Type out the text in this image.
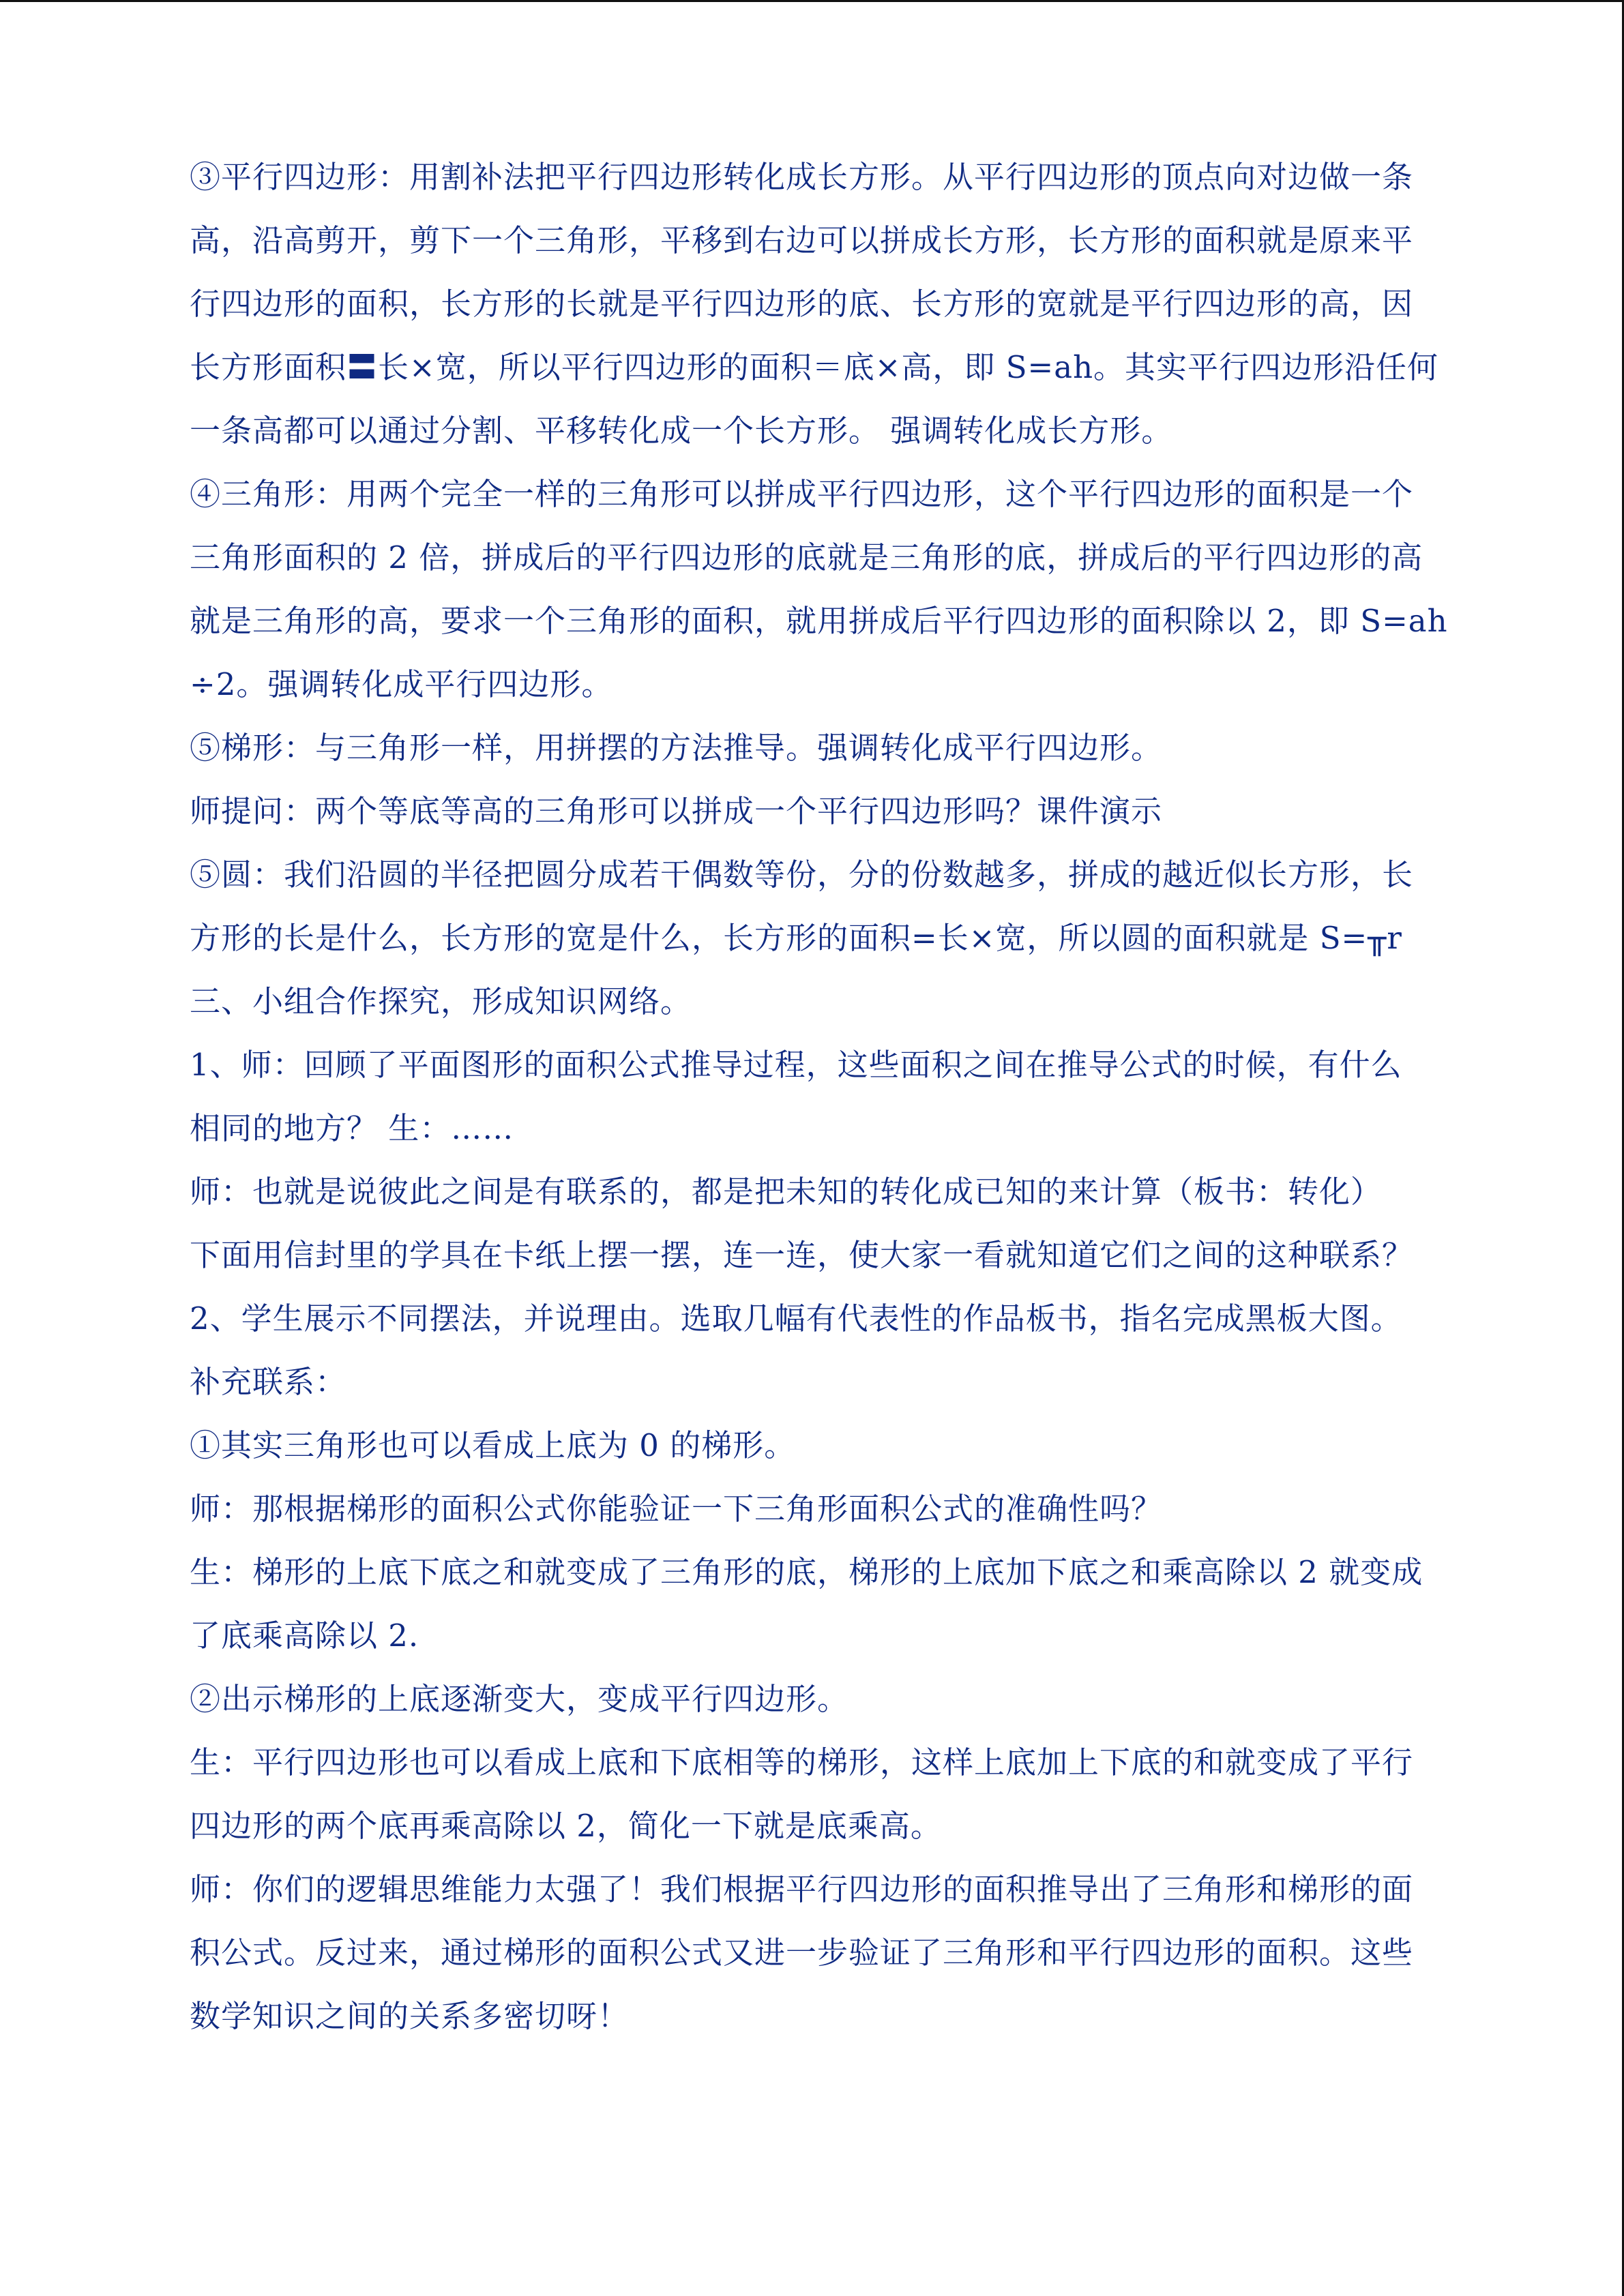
③平行四边形：用割补法把平行四边形转化成长方形。从平行四边形的顶点向对边做一条
高，沿高剪开，剪下一个三角形，平移到右边可以拼成长方形，长方形的面积就是原来平
行四边形的面积，长方形的长就是平行四边形的底、长方形的宽就是平行四边形的高，因
长方形面积〓长×宽，所以平行四边形的面积＝底×高，即 S=ah。其实平行四边形沿任何
一条高都可以通过分割、平移转化成一个长方形。 强调转化成长方形。
④三角形：用两个完全一样的三角形可以拼成平行四边形，这个平行四边形的面积是一个
三角形面积的 2 倍，拼成后的平行四边形的底就是三角形的底，拼成后的平行四边形的高
就是三角形的高，要求一个三角形的面积，就用拼成后平行四边形的面积除以 2，即 S=ah
÷2。强调转化成平行四边形。
⑤梯形：与三角形一样，用拼摆的方法推导。强调转化成平行四边形。
师提问：两个等底等高的三角形可以拼成一个平行四边形吗？课件演示
⑤圆：我们沿圆的半径把圆分成若干偶数等份，分的份数越多，拼成的越近似长方形，长
方形的长是什么，长方形的宽是什么，长方形的面积=长×宽，所以圆的面积就是 S=╥r
三、小组合作探究，形成知识网络。
1、师：回顾了平面图形的面积公式推导过程，这些面积之间在推导公式的时候，有什么
相同的地方？ 生：……
师：也就是说彼此之间是有联系的，都是把未知的转化成已知的来计算（板书：转化）
下面用信封里的学具在卡纸上摆一摆，连一连，使大家一看就知道它们之间的这种联系？
2、学生展示不同摆法，并说理由。选取几幅有代表性的作品板书，指名完成黑板大图。
补充联系：
①其实三角形也可以看成上底为 0 的梯形。
师：那根据梯形的面积公式你能验证一下三角形面积公式的准确性吗？
生：梯形的上底下底之和就变成了三角形的底，梯形的上底加下底之和乘高除以 2 就变成
了底乘高除以 2.
②出示梯形的上底逐渐变大，变成平行四边形。
生：平行四边形也可以看成上底和下底相等的梯形，这样上底加上下底的和就变成了平行
四边形的两个底再乘高除以 2，简化一下就是底乘高。
师：你们的逻辑思维能力太强了！我们根据平行四边形的面积推导出了三角形和梯形的面
积公式。反过来，通过梯形的面积公式又进一步验证了三角形和平行四边形的面积。这些
数学知识之间的关系多密切呀！
